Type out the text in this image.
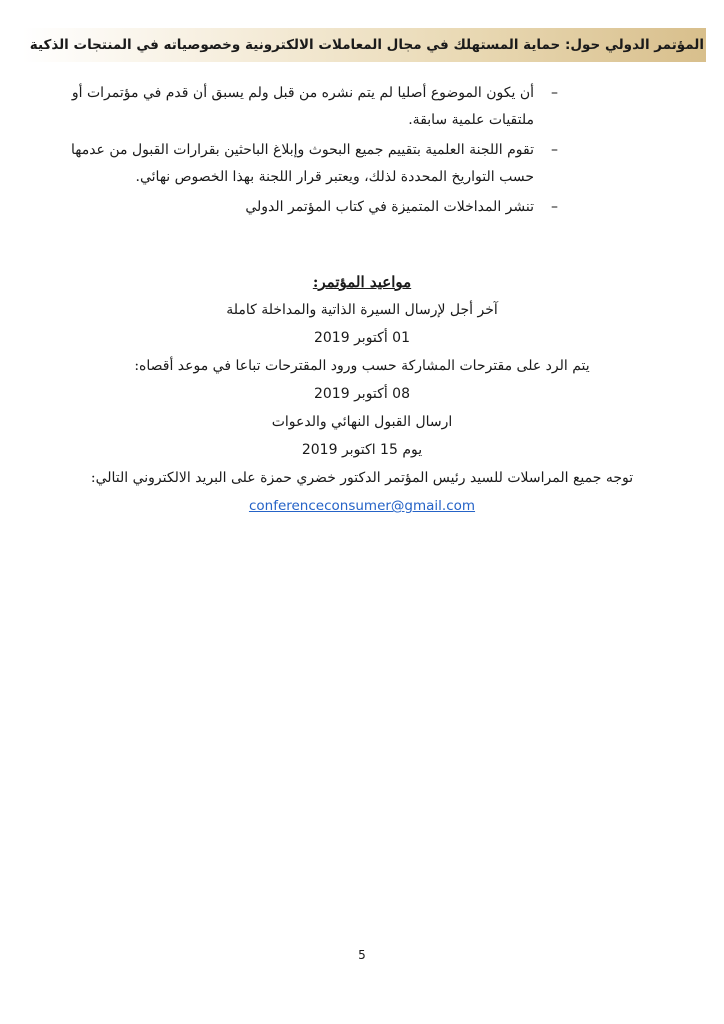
المؤتمر الدولي حول: حماية المستهلك في مجال المعاملات الالكترونية وخصوصياته في المنتجات الذكية
–
أن يكون الموضوع أصليا لم يتم نشره من قبل ولم يسبق أن قدم في مؤتمرات أو ملتقيات علمية سابقة.
–
تقوم اللجنة العلمية بتقييم جميع البحوث وإبلاغ الباحثين بقرارات القبول من عدمها حسب التواريخ المحددة لذلك، ويعتبر قرار اللجنة بهذا الخصوص نهائي.
–
تنشر المداخلات المتميزة في كتاب المؤتمر الدولي
مواعيد المؤتمر:
آخر أجل لإرسال السيرة الذاتية والمداخلة كاملة
01 أكتوبر 2019
يتم الرد على مقترحات المشاركة حسب ورود المقترحات تباعا في موعد أقصاه:
08 أكتوبر 2019
ارسال القبول النهائي والدعوات
يوم 15 اكتوبر 2019
توجه جميع المراسلات للسيد رئيس المؤتمر الدكتور خضري حمزة على البريد الالكتروني التالي:
conferenceconsumer@gmail.com
5
